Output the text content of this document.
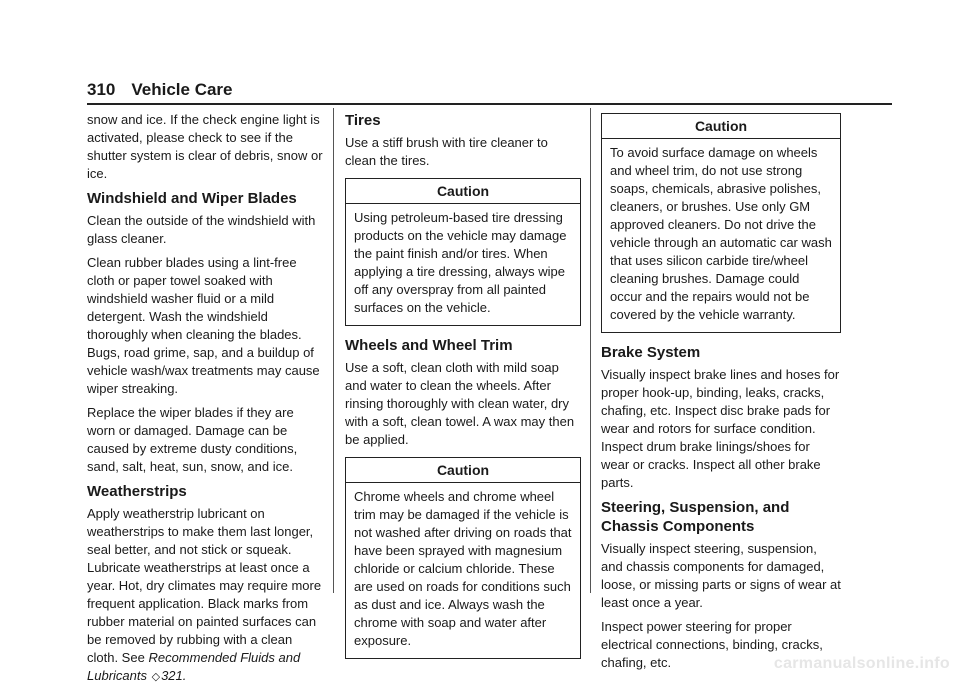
310 Vehicle Care

snow and ice. If the check engine light is activated, please check to see if the shutter system is clear of debris, snow or ice.

Windshield and Wiper Blades

Clean the outside of the windshield with glass cleaner.

Clean rubber blades using a lint-free cloth or paper towel soaked with windshield washer fluid or a mild detergent. Wash the windshield thoroughly when cleaning the blades. Bugs, road grime, sap, and a buildup of vehicle wash/wax treatments may cause wiper streaking.

Replace the wiper blades if they are worn or damaged. Damage can be caused by extreme dusty conditions, sand, salt, heat, sun, snow, and ice.

Weatherstrips

Apply weatherstrip lubricant on weatherstrips to make them last longer, seal better, and not stick or squeak. Lubricate weatherstrips at least once a year. Hot, dry climates may require more frequent application. Black marks from rubber material on painted surfaces can be removed by rubbing with a clean cloth. See Recommended Fluids and Lubricants ◇321.

Tires

Use a stiff brush with tire cleaner to clean the tires.

Caution
Using petroleum-based tire dressing products on the vehicle may damage the paint finish and/or tires. When applying a tire dressing, always wipe off any overspray from all painted surfaces on the vehicle.
Wheels and Wheel Trim

Use a soft, clean cloth with mild soap and water to clean the wheels. After rinsing thoroughly with clean water, dry with a soft, clean towel. A wax may then be applied.

Caution
Chrome wheels and chrome wheel trim may be damaged if the vehicle is not washed after driving on roads that have been sprayed with magnesium chloride or calcium chloride. These are used on roads for conditions such as dust and ice. Always wash the chrome with soap and water after exposure.
Caution
To avoid surface damage on wheels and wheel trim, do not use strong soaps, chemicals, abrasive polishes, cleaners, or brushes. Use only GM approved cleaners. Do not drive the vehicle through an automatic car wash that uses silicon carbide tire/wheel cleaning brushes. Damage could occur and the repairs would not be covered by the vehicle warranty.
Brake System

Visually inspect brake lines and hoses for proper hook-up, binding, leaks, cracks, chafing, etc. Inspect disc brake pads for wear and rotors for surface condition. Inspect drum brake linings/shoes for wear or cracks. Inspect all other brake parts.

Steering, Suspension, and Chassis Components

Visually inspect steering, suspension, and chassis components for damaged, loose, or missing parts or signs of wear at least once a year.

Inspect power steering for proper electrical connections, binding, cracks, chafing, etc.	carmanualsonline.info
